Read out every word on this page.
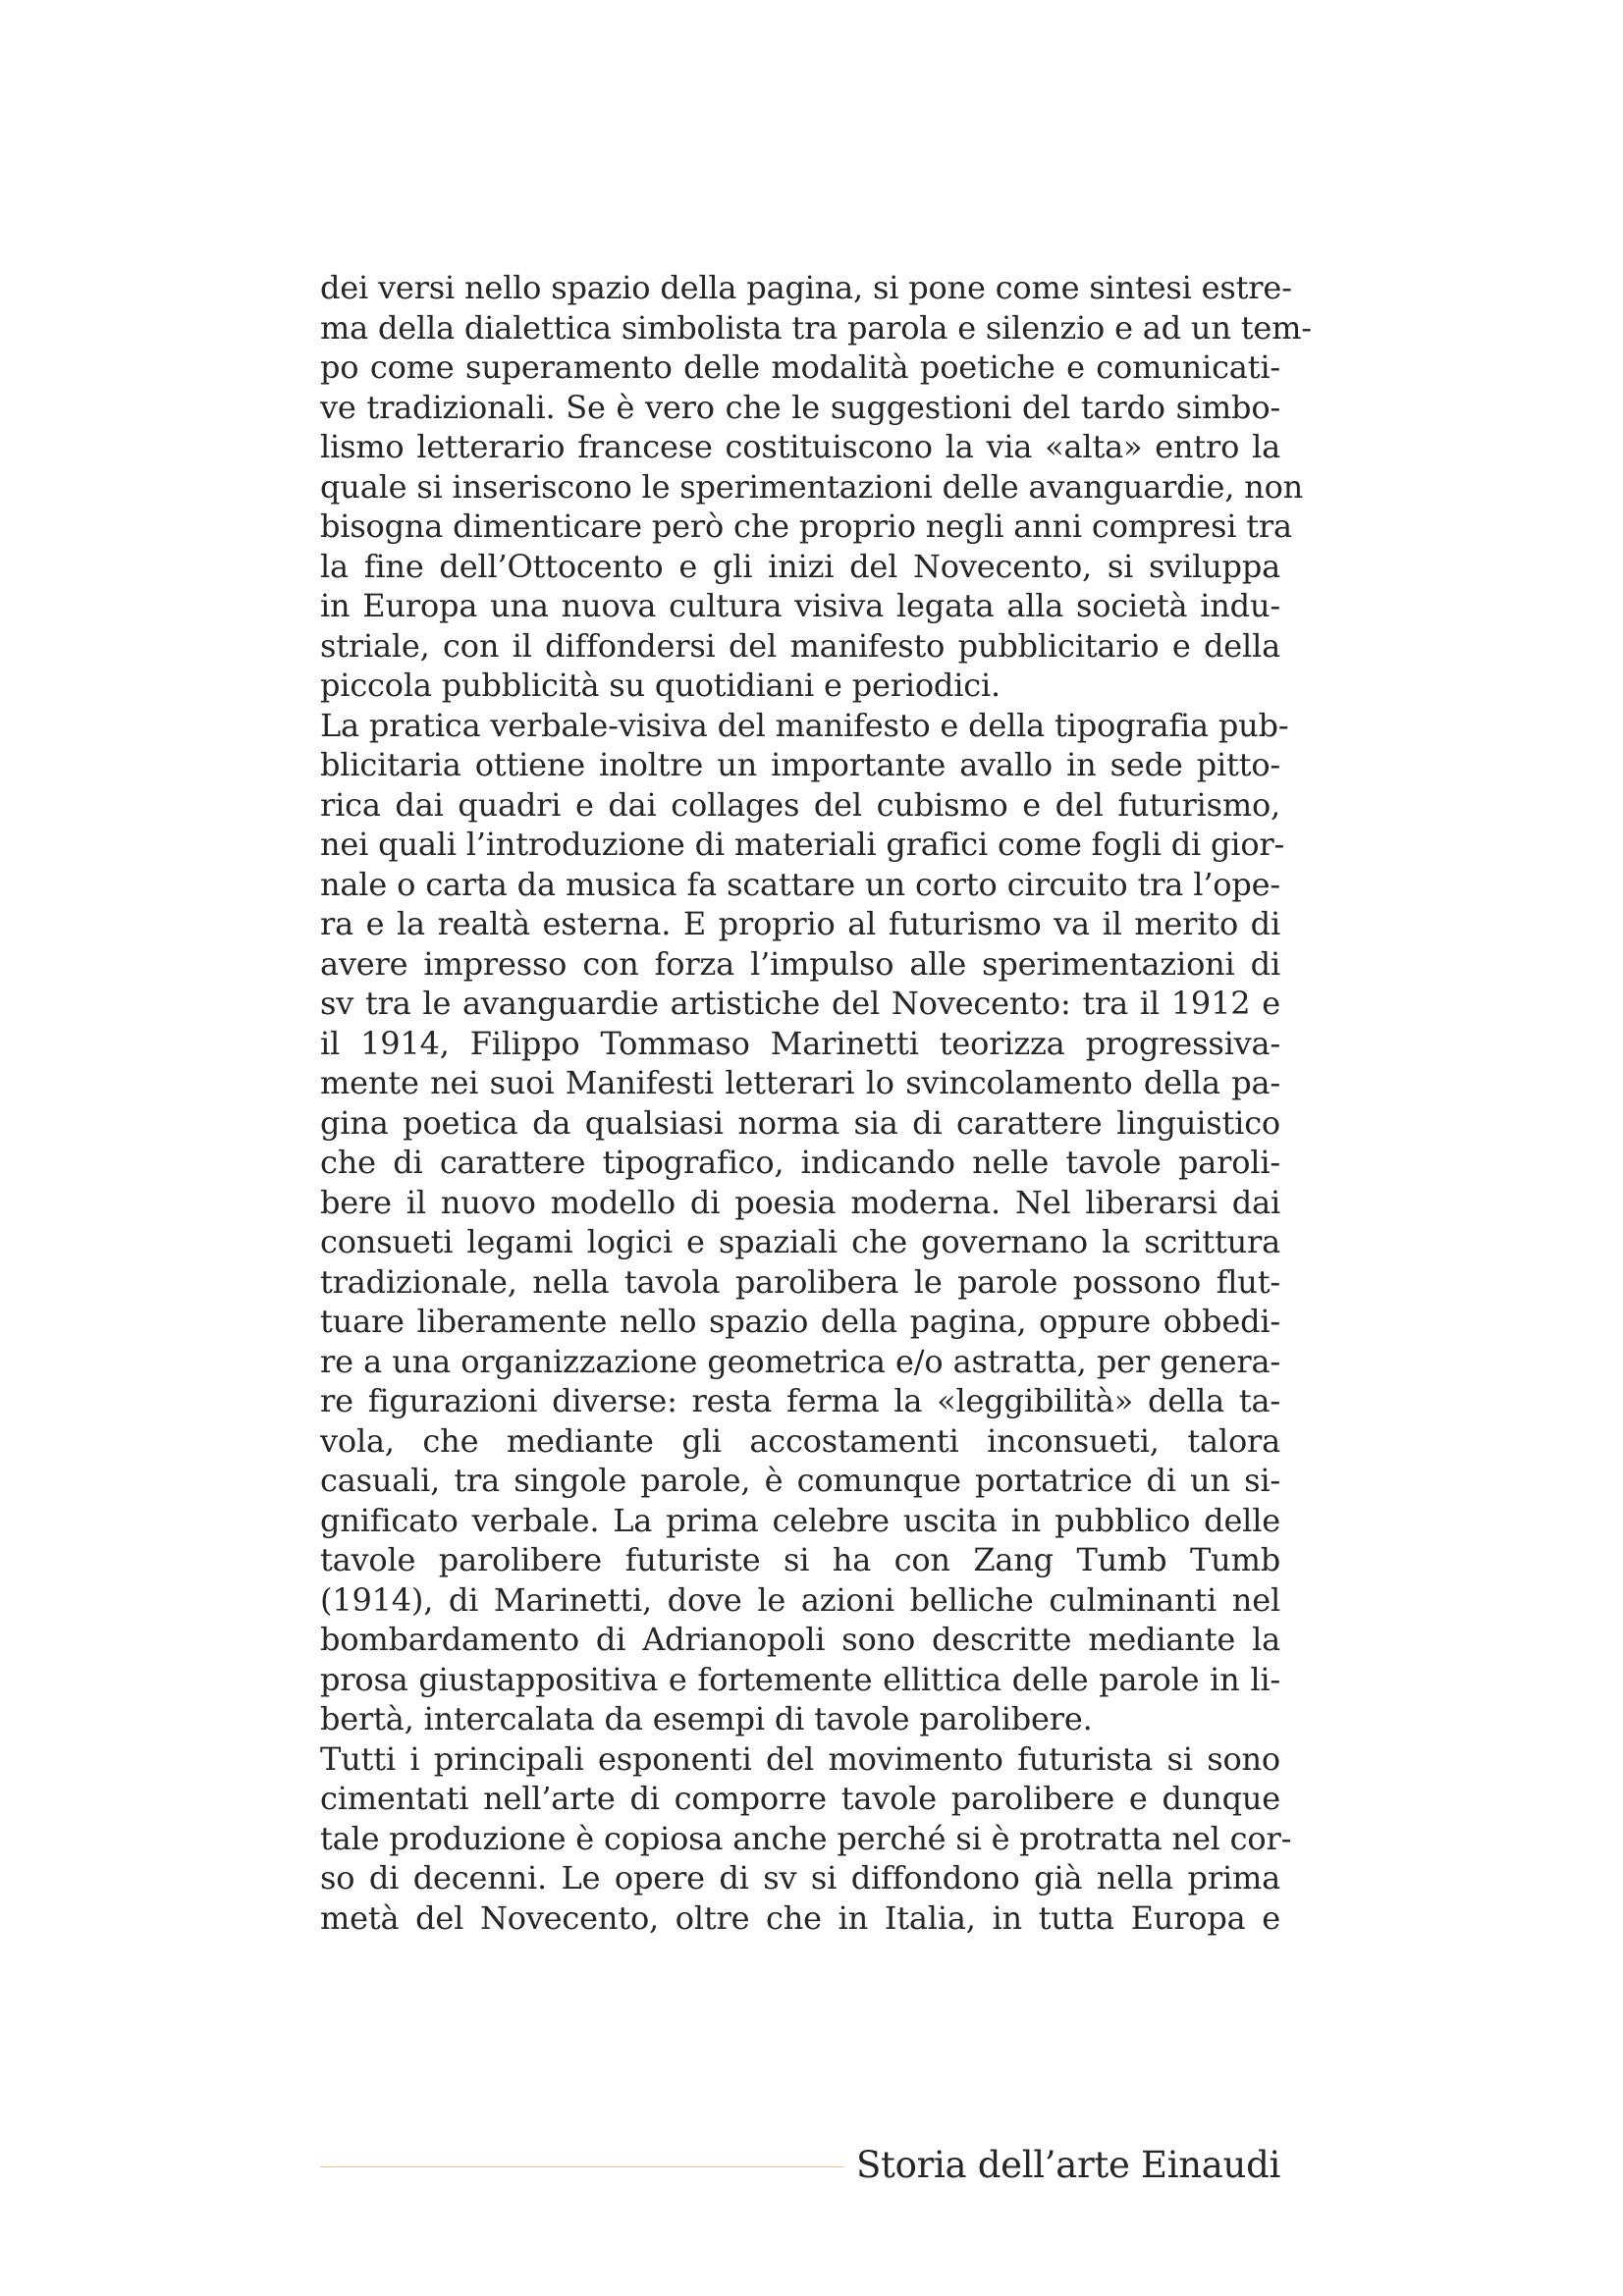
dei versi nello spazio della pagina, si pone come sintesi estre-
ma della dialettica simbolista tra parola e silenzio e ad un tem-
po come superamento delle modalità poetiche e comunicati-
ve tradizionali. Se è vero che le suggestioni del tardo simbo-
lismo letterario francese costituiscono la via «alta» entro la
quale si inseriscono le sperimentazioni delle avanguardie, non
bisogna dimenticare però che proprio negli anni compresi tra
la fine dell’Ottocento e gli inizi del Novecento, si sviluppa
in Europa una nuova cultura visiva legata alla società indu-
striale, con il diffondersi del manifesto pubblicitario e della
piccola pubblicità su quotidiani e periodici.
La pratica verbale-visiva del manifesto e della tipografia pub-
blicitaria ottiene inoltre un importante avallo in sede pitto-
rica dai quadri e dai collages del cubismo e del futurismo,
nei quali l’introduzione di materiali grafici come fogli di gior-
nale o carta da musica fa scattare un corto circuito tra l’ope-
ra e la realtà esterna. E proprio al futurismo va il merito di
avere impresso con forza l’impulso alle sperimentazioni di
sv tra le avanguardie artistiche del Novecento: tra il 1912 e
il 1914, Filippo Tommaso Marinetti teorizza progressiva-
mente nei suoi Manifesti letterari lo svincolamento della pa-
gina poetica da qualsiasi norma sia di carattere linguistico
che di carattere tipografico, indicando nelle tavole paroli-
bere il nuovo modello di poesia moderna. Nel liberarsi dai
consueti legami logici e spaziali che governano la scrittura
tradizionale, nella tavola parolibera le parole possono flut-
tuare liberamente nello spazio della pagina, oppure obbedi-
re a una organizzazione geometrica e/o astratta, per genera-
re figurazioni diverse: resta ferma la «leggibilità» della ta-
vola, che mediante gli accostamenti inconsueti, talora
casuali, tra singole parole, è comunque portatrice di un si-
gnificato verbale. La prima celebre uscita in pubblico delle
tavole parolibere futuriste si ha con Zang Tumb Tumb
(1914), di Marinetti, dove le azioni belliche culminanti nel
bombardamento di Adrianopoli sono descritte mediante la
prosa giustappositiva e fortemente ellittica delle parole in li-
bertà, intercalata da esempi di tavole parolibere.
Tutti i principali esponenti del movimento futurista si sono
cimentati nell’arte di comporre tavole parolibere e dunque
tale produzione è copiosa anche perché si è protratta nel cor-
so di decenni. Le opere di sv si diffondono già nella prima
metà del Novecento, oltre che in Italia, in tutta Europa e
Storia dell’arte Einaudi
